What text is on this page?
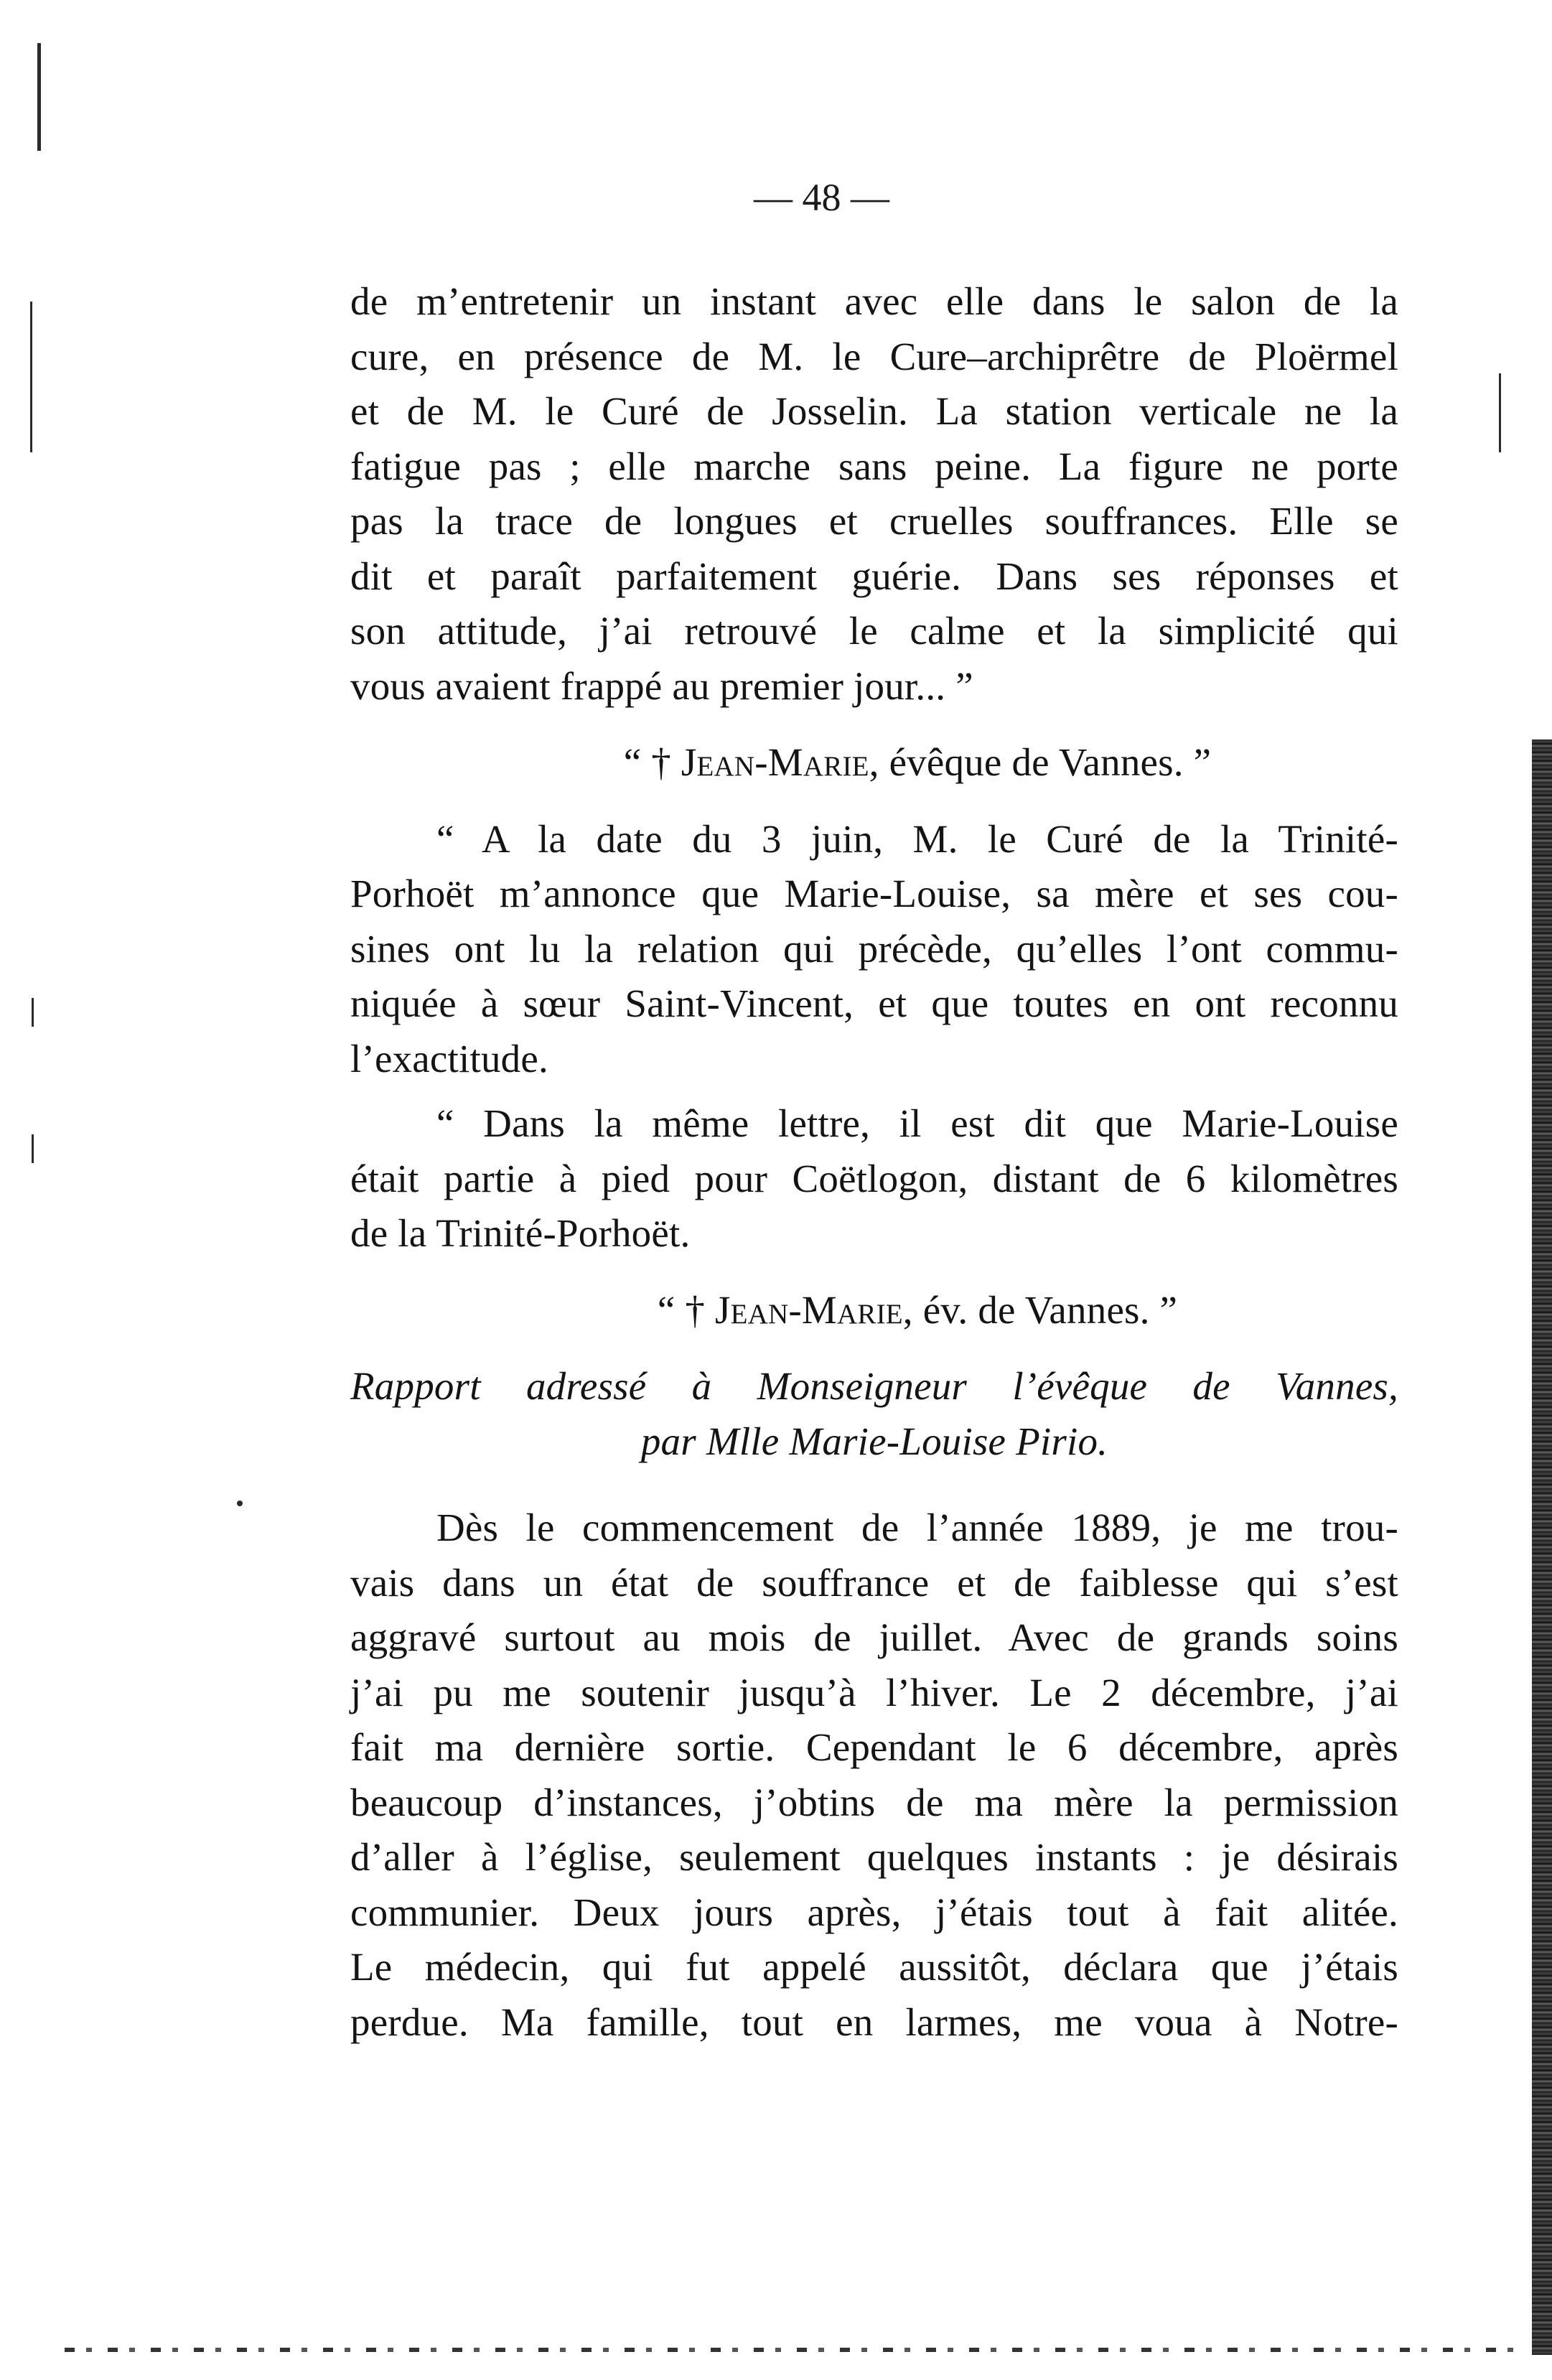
— 48 —
de m’entretenir un instant avec elle dans le salon de la
cure, en présence de M. le Cure–archiprêtre de Ploërmel
et de M. le Curé de Josselin. La station verticale ne la
fatigue pas ; elle marche sans peine. La figure ne porte
pas la trace de longues et cruelles souffrances. Elle se
dit et paraît parfaitement guérie. Dans ses réponses et
son attitude, j’ai retrouvé le calme et la simplicité qui
vous avaient frappé au premier jour... ”
“ † Jean-Marie, évêque de Vannes. ”
“ A la date du 3 juin, M. le Curé de la Trinité-
Porhoët m’annonce que Marie-Louise, sa mère et ses cou-
sines ont lu la relation qui précède, qu’elles l’ont commu-
niquée à sœur Saint-Vincent, et que toutes en ont reconnu
l’exactitude.
“ Dans la même lettre, il est dit que Marie-Louise
était partie à pied pour Coëtlogon, distant de 6 kilomètres
de la Trinité-Porhoët.
“ † Jean-Marie, év. de Vannes. ”
Rapport adressé à Monseigneur l’évêque de Vannes,
par Mlle Marie-Louise Pirio.
Dès le commencement de l’année 1889, je me trou-
vais dans un état de souffrance et de faiblesse qui s’est
aggravé surtout au mois de juillet. Avec de grands soins
j’ai pu me soutenir jusqu’à l’hiver. Le 2 décembre, j’ai
fait ma dernière sortie. Cependant le 6 décembre, après
beaucoup d’instances, j’obtins de ma mère la permission
d’aller à l’église, seulement quelques instants : je désirais
communier. Deux jours après, j’étais tout à fait alitée.
Le médecin, qui fut appelé aussitôt, déclara que j’étais
perdue. Ma famille, tout en larmes, me voua à Notre-
